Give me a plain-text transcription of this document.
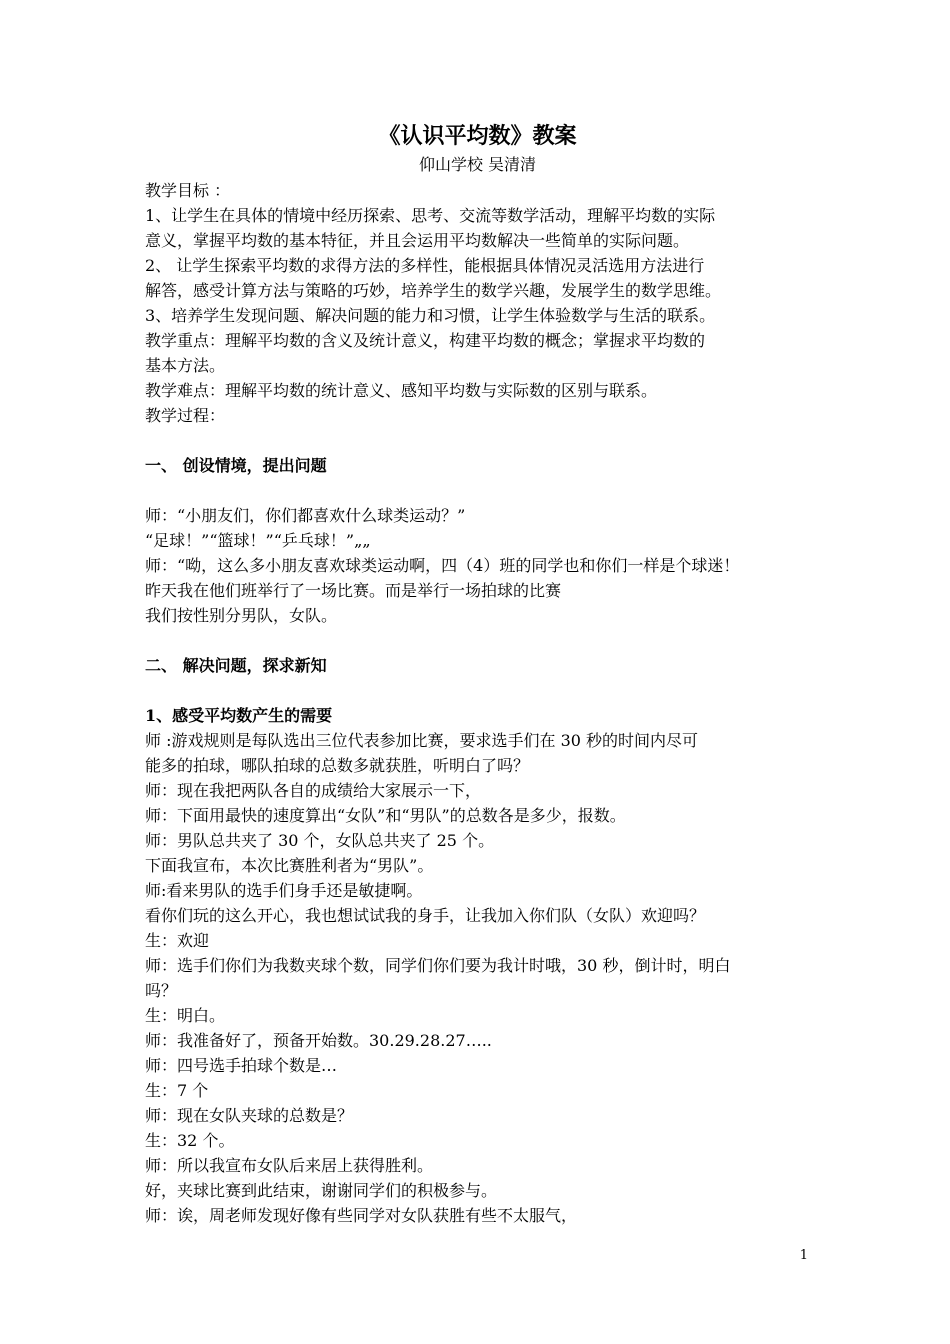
《认识平均数》教案
仰山学校 吴清清
教学目标 ：
1、让学生在具体的情境中经历探索、思考、交流等数学活动，理解平均数的实际
意义，掌握平均数的基本特征，并且会运用平均数解决一些简单的实际问题。
2、 让学生探索平均数的求得方法的多样性，能根据具体情况灵活选用方法进行
解答，感受计算方法与策略的巧妙，培养学生的数学兴趣，发展学生的数学思维。
3、培养学生发现问题、解决问题的能力和习惯，让学生体验数学与生活的联系。
教学重点：理解平均数的含义及统计意义，构建平均数的概念；掌握求平均数的
基本方法。
教学难点：理解平均数的统计意义、感知平均数与实际数的区别与联系。
教学过程：
一、 创设情境，提出问题
师：“小朋友们，你们都喜欢什么球类运动？”
“足球！”“篮球！”“乒乓球！”„„
师：“呦，这么多小朋友喜欢球类运动啊，四（4）班的同学也和你们一样是个球迷！
昨天我在他们班举行了一场比赛。而是举行一场拍球的比赛
我们按性别分男队，女队。
二、 解决问题，探求新知
1、感受平均数产生的需要
师 :游戏规则是每队选出三位代表参加比赛，要求选手们在 30 秒的时间内尽可
能多的拍球，哪队拍球的总数多就获胜，听明白了吗？
师：现在我把两队各自的成绩给大家展示一下，
师：下面用最快的速度算出“女队”和“男队”的总数各是多少，报数。
师：男队总共夹了 30 个，女队总共夹了 25 个。
下面我宣布，本次比赛胜利者为“男队”。
师:看来男队的选手们身手还是敏捷啊。
看你们玩的这么开心，我也想试试我的身手，让我加入你们队（女队）欢迎吗？
生：欢迎
师：选手们你们为我数夹球个数，同学们你们要为我计时哦，30 秒，倒计时，明白
吗？
生：明白。
师：我准备好了，预备开始数。30.29.28.27…..
师：四号选手拍球个数是…
生：7 个
师：现在女队夹球的总数是？
生：32 个。
师：所以我宣布女队后来居上获得胜利。
好，夹球比赛到此结束，谢谢同学们的积极参与。
师：诶，周老师发现好像有些同学对女队获胜有些不太服气，
1
